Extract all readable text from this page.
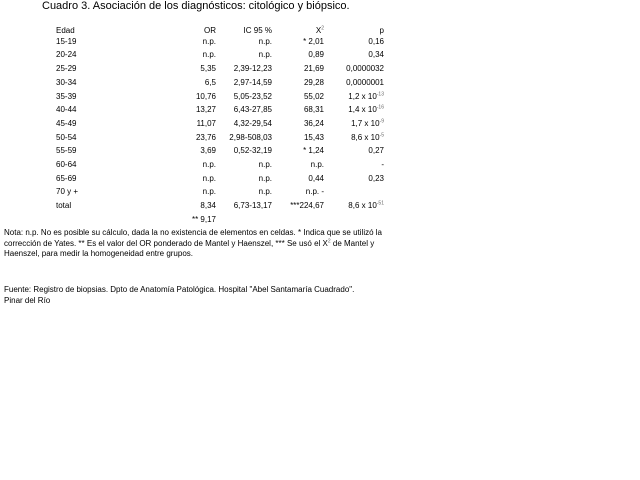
Cuadro 3. Asociación de los diagnósticos: citológico y biópsico.
Edad	OR	IC 95 %	$X^2$	p
15-19	n.p.	n.p.	* 2,01	0,16
20-24	n.p.	n.p.	0,89	0,34
25-29	5,35	2,39-12,23	21,69	0,0000032
30-34	6,5	2,97-14,59	29,28	0,0000001
35-39	10,76	5,05-23,52	55,02	1,2 x $10^{-13}$
40-44	13,27	6,43-27,85	68,31	1,4 x $10^{-16}$
45-49	11,07	4,32-29,54	36,24	1,7 x $10^{-9}$
50-54	23,76	2,98-508,03	15,43	8,6 x $10^{-5}$
55-59	3,69	0,52-32,19	* 1,24	0,27
60-64	n.p.	n.p.	n.p.	-
65-69	n.p.	n.p.	0,44	0,23
70 y +	n.p.	n.p.	n.p. -	
total	8,34	6,73-13,17	***224,67	8,6 x $10^{-51}$
	** 9,17			
Nota: n.p. No es posible su cálculo, dada la no existencia de elementos en celdas. * Indica que se utilizó la corrección de Yates. ** Es el valor del OR ponderado de Mantel y Haenszel, *** Se usó el $X^2$ de Mantel y Haenszel, para medir la homogeneidad entre grupos.
Fuente: Registro de biopsias. Dpto de Anatomía Patológica. Hospital "Abel Santamaría Cuadrado". Pinar del Río
